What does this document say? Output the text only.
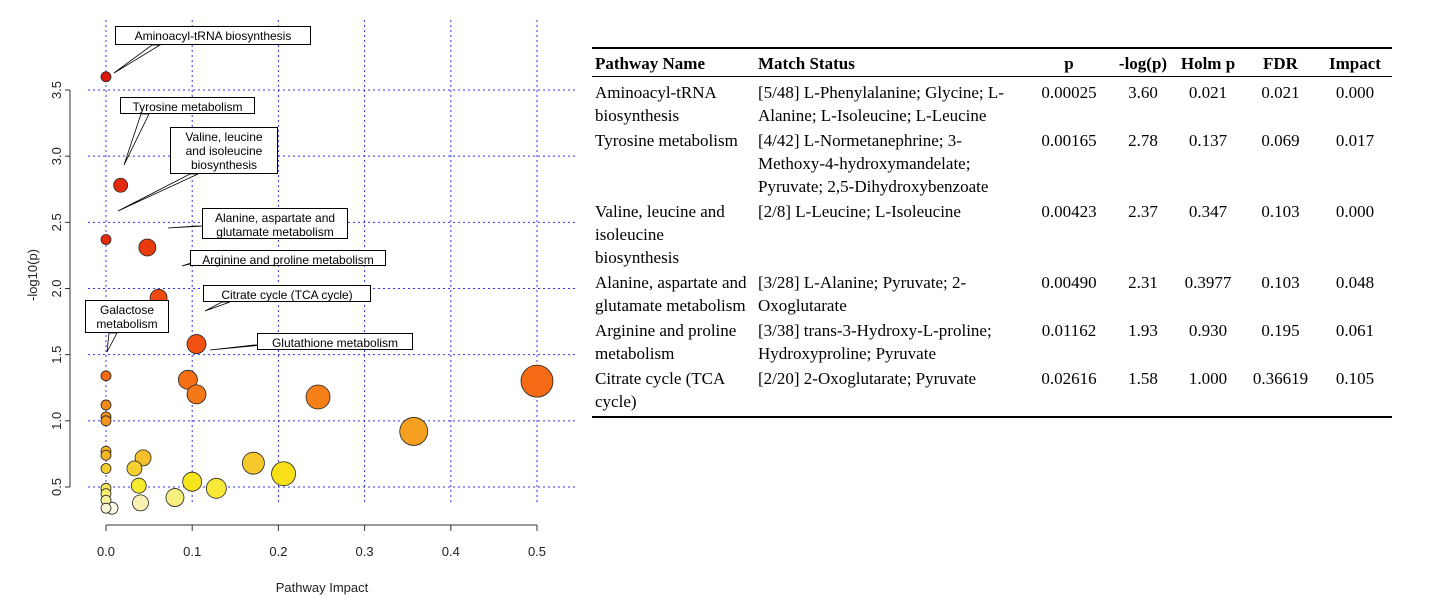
0.5
1.0
1.5
2.0
2.5
3.0
3.5
0.0	0.1	0.2	0.3	0.4	0.5
Pathway Impact
-log10(p)
Aminoacyl-tRNA biosynthesis
Tyrosine metabolism
Valine, leucine and isoleucine biosynthesis
Alanine, aspartate and glutamate metabolism
Arginine and proline metabolism
Citrate cycle (TCA cycle)
Galactose metabolism
Glutathione metabolism
Pathway Name	Match Status	p	-log(p)	Holm p	FDR	Impact
Aminoacyl-tRNA biosynthesis	[5/48] L-Phenylalanine; Glycine; L-Alanine; L-Isoleucine; L-Leucine	0.00025	3.60	0.021	0.021	0.000
Tyrosine metabolism	[4/42] L-Normetanephrine; 3-Methoxy-4-hydroxymandelate; Pyruvate; 2,5-Dihydroxybenzoate	0.00165	2.78	0.137	0.069	0.017
Valine, leucine and isoleucine biosynthesis	[2/8] L-Leucine; L-Isoleucine	0.00423	2.37	0.347	0.103	0.000
Alanine, aspartate and glutamate metabolism	[3/28] L-Alanine; Pyruvate; 2-Oxoglutarate	0.00490	2.31	0.3977	0.103	0.048
Arginine and proline metabolism	[3/38] trans-3-Hydroxy-L-proline; Hydroxyproline; Pyruvate	0.01162	1.93	0.930	0.195	0.061
Citrate cycle (TCA cycle)	[2/20] 2-Oxoglutarate; Pyruvate	0.02616	1.58	1.000	0.36619	0.105
